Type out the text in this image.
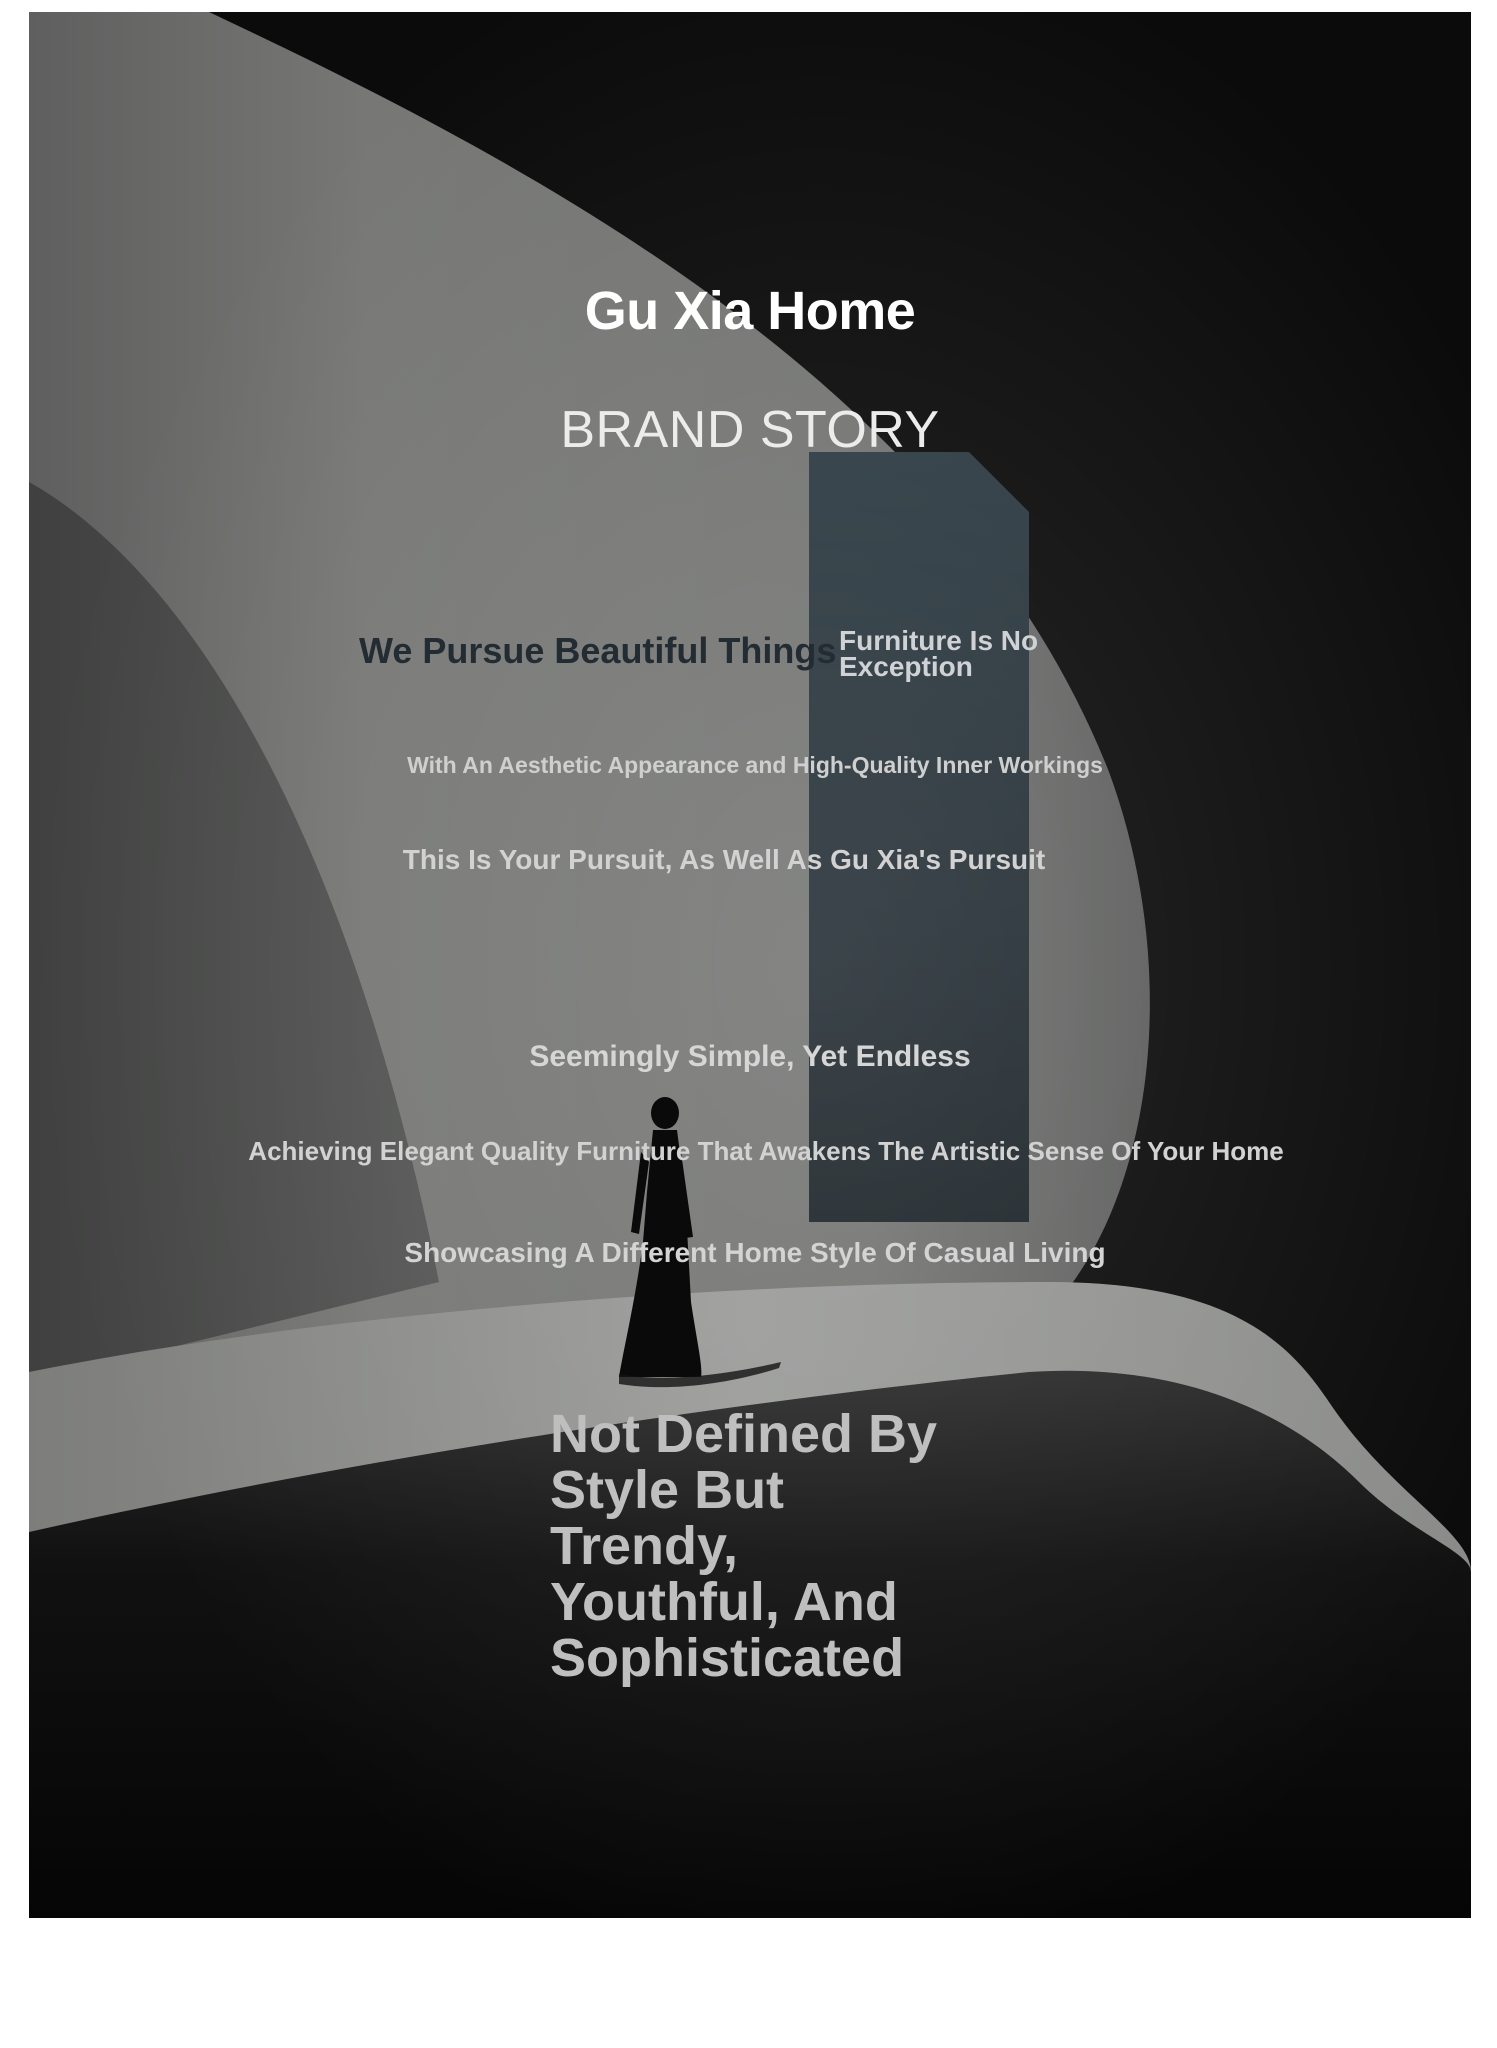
Gu Xia Home
BRAND STORY

We Pursue Beautiful Things Furniture Is No Exception

With An Aesthetic Appearance and High-Quality Inner Workings

This Is Your Pursuit, As Well As Gu Xia's Pursuit

Seemingly Simple, Yet Endless

Achieving Elegant Quality Furniture That Awakens The Artistic Sense Of Your Home

Showcasing A Different Home Style Of Casual Living

Not Defined By Style But Trendy, Youthful, And Sophisticated
